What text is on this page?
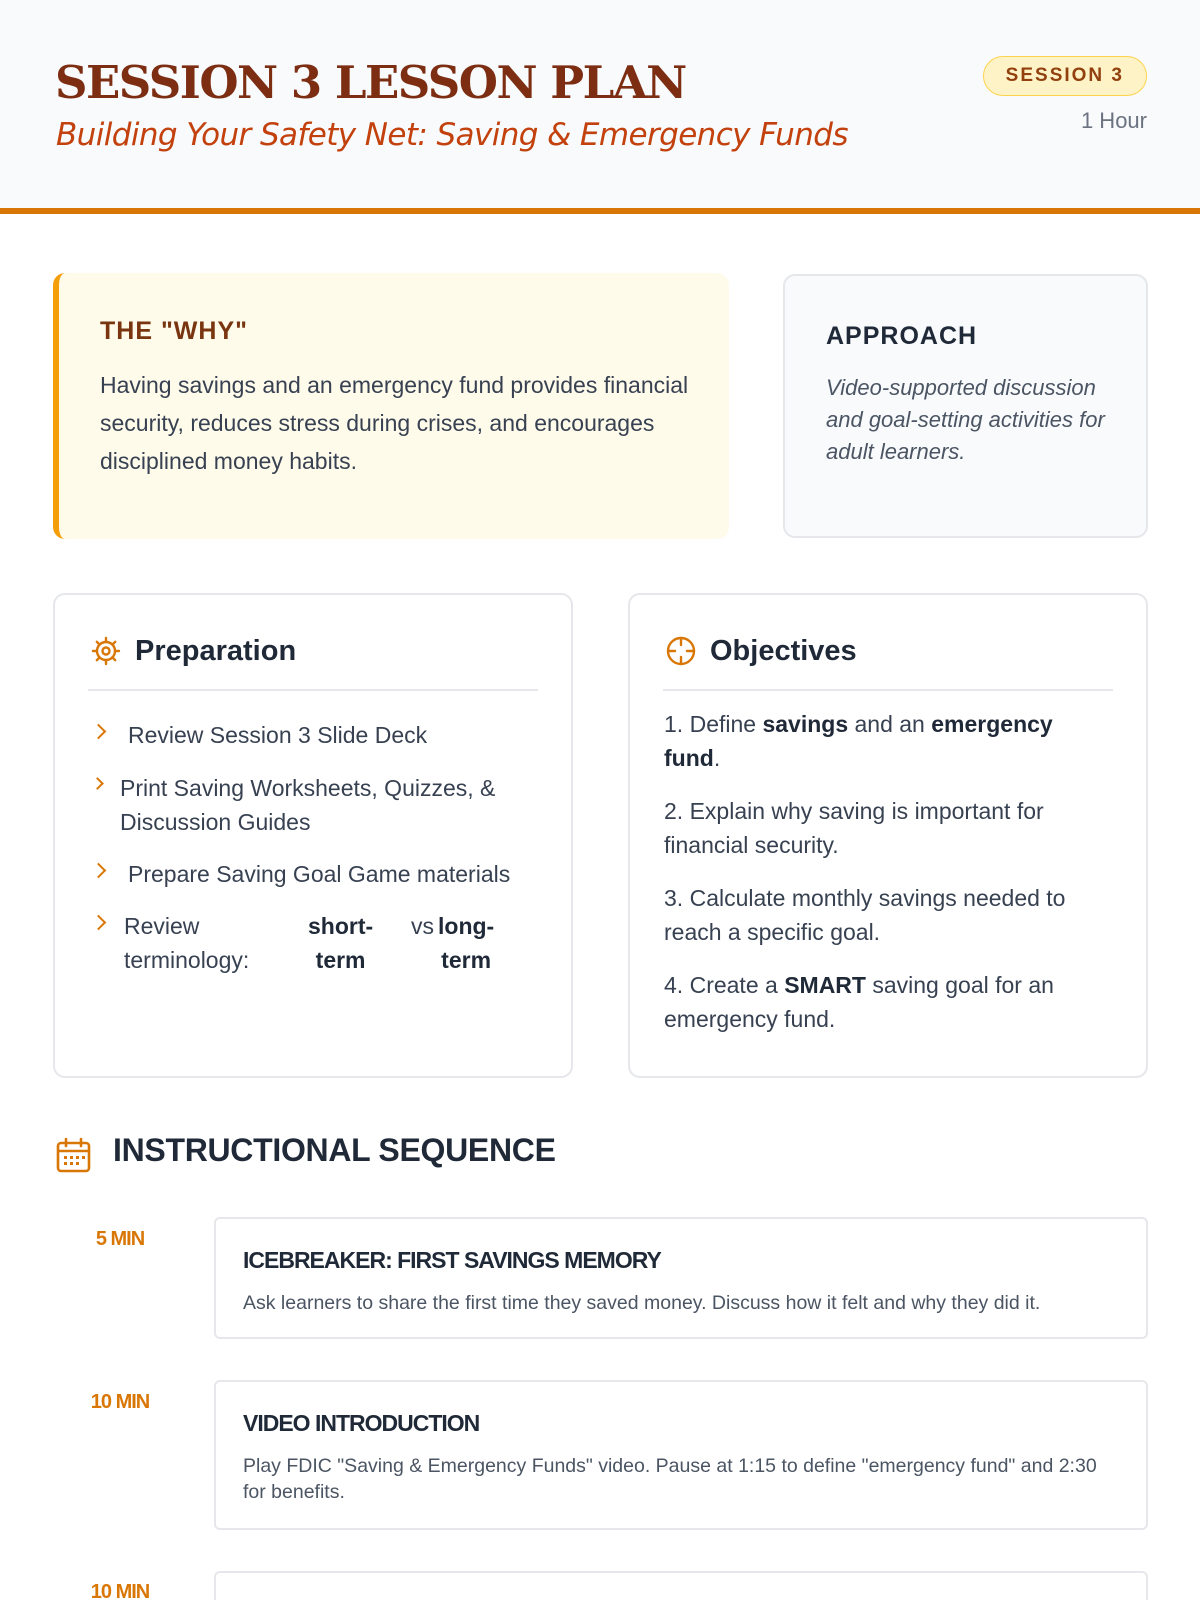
SESSION 3 LESSON PLAN

Building Your Safety Net: Saving & Emergency Funds

SESSION 3
1 Hour
THE "WHY"

Having savings and an emergency fund provides financial security, reduces stress during crises, and encourages disciplined money habits.

APPROACH

Video-supported discussion and goal-setting activities for adult learners.

Preparation
Review Session 3 Slide Deck
Print Saving Worksheets, Quizzes, & Discussion Guides
Prepare Saving Goal Game materials
Review terminology:
short-
term
vs long-
term
Objectives
1. Define savings and an emergency fund.
2. Explain why saving is important for financial security.
3. Calculate monthly savings needed to reach a specific goal.
4. Create a SMART saving goal for an emergency fund.
INSTRUCTIONAL SEQUENCE
5 MIN
ICEBREAKER: FIRST SAVINGS MEMORY

Ask learners to share the first time they saved money. Discuss how it felt and why they did it.

10 MIN
VIDEO INTRODUCTION

Play FDIC "Saving & Emergency Funds" video. Pause at 1:15 to define "emergency fund" and 2:30 for benefits.

10 MIN
